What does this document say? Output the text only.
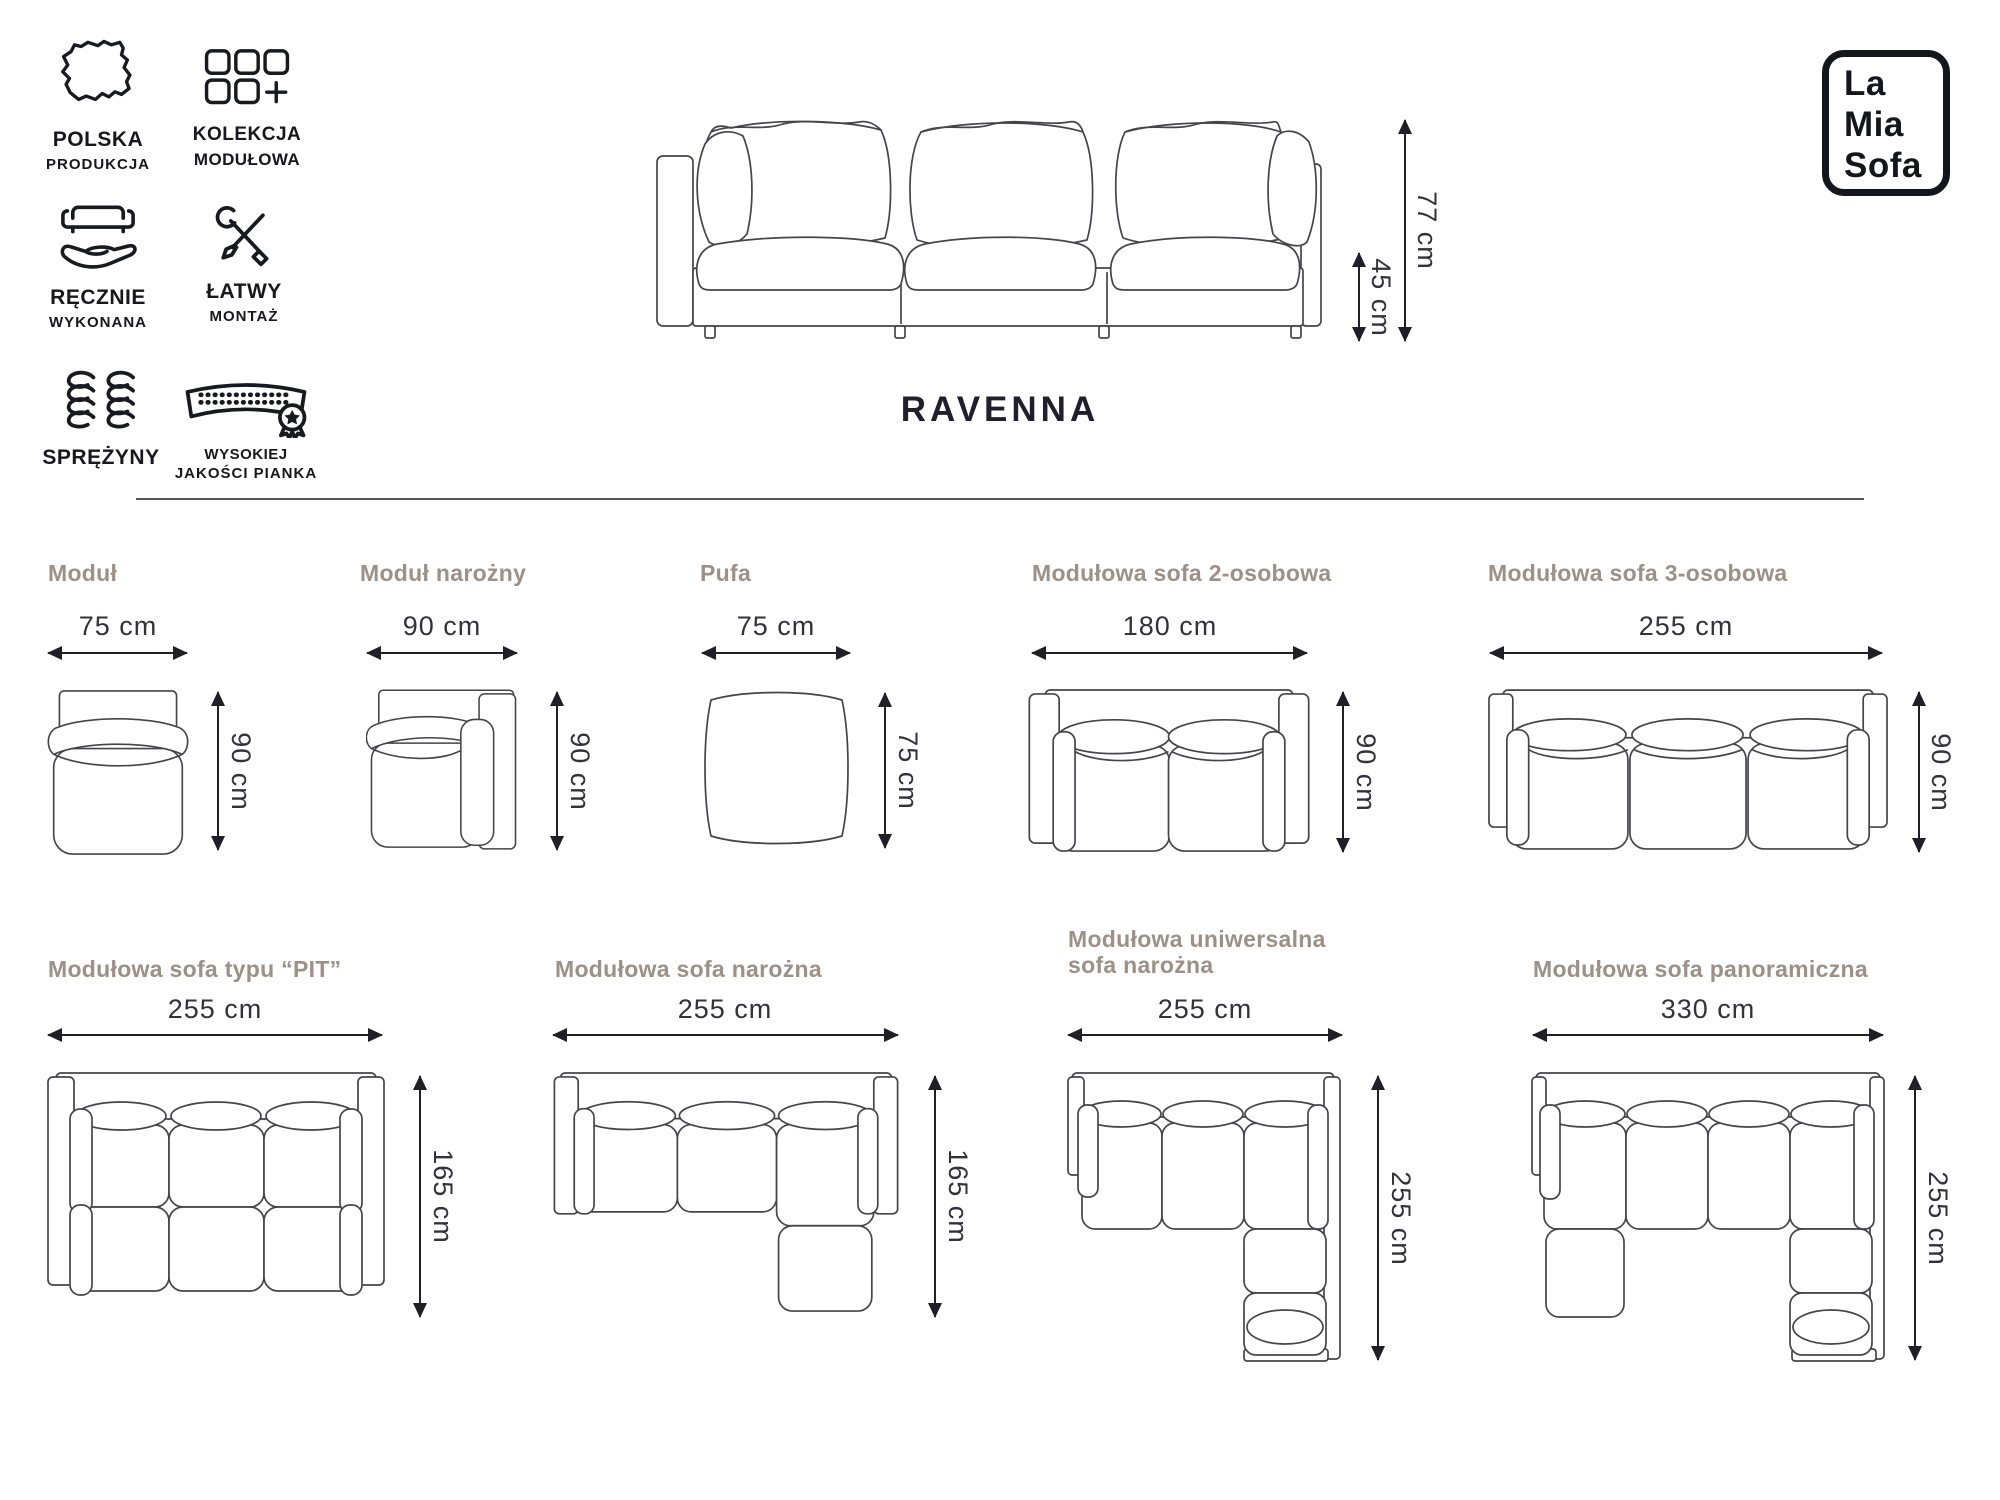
POLSKA
PRODUKCJA
KOLEKCJA
MODUŁOWA
RĘCZNIE
WYKONANA
ŁATWY
MONTAŻ
SPRĘŻYNY	WYSOKIEJ
JAKOŚCI PIANKA
45 cm
77 cm
RAVENNA
La
Mia
Sofa
Moduł
75 cm
90 cm
Moduł narożny
90 cm
90 cm
Pufa
75 cm
75 cm
Modułowa sofa 2-osobowa
180 cm
90 cm
Modułowa sofa 3-osobowa
255 cm
90 cm
Modułowa sofa typu “PIT”
255 cm
165 cm
Modułowa sofa narożna
255 cm
165 cm
Modułowa uniwersalna sofa narożna
255 cm
255 cm
Modułowa sofa panoramiczna
330 cm
255 cm
